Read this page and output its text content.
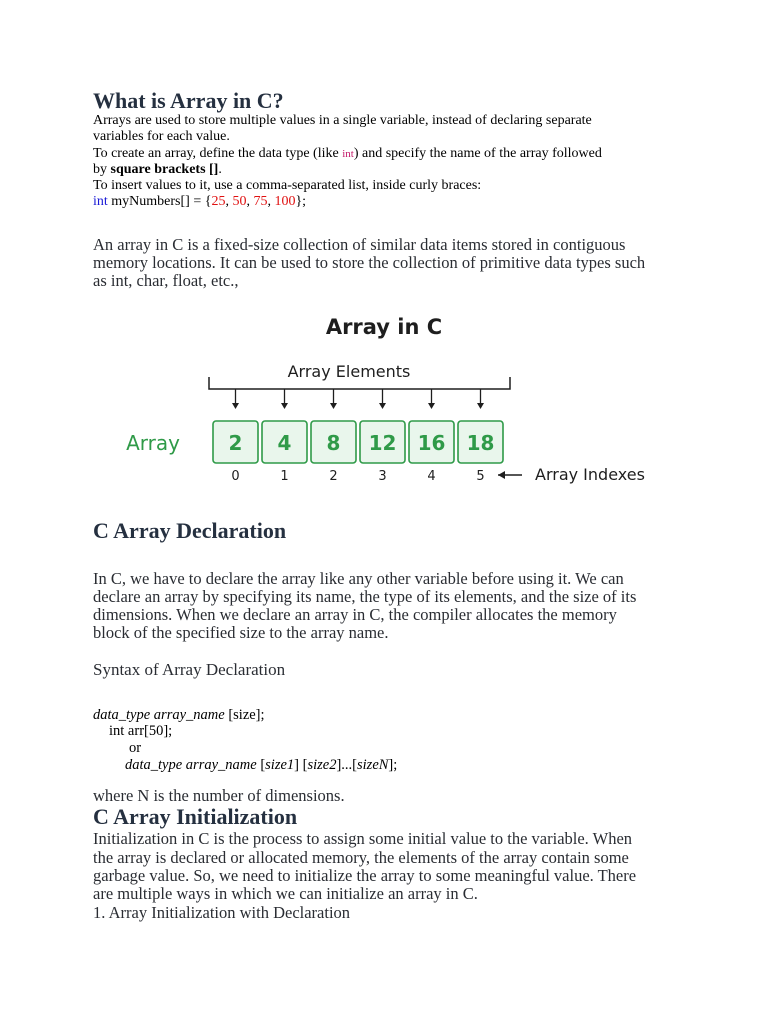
What is Array in C?
Arrays are used to store multiple values in a single variable, instead of declaring separate
variables for each value.
To create an array, define the data type (like int) and specify the name of the array followed
by square brackets [].
To insert values to it, use a comma-separated list, inside curly braces:
int myNumbers[] = {25, 50, 75, 100};
An array in C is a fixed-size collection of similar data items stored in contiguous
memory locations. It can be used to store the collection of primitive data types such
as int, char, float, etc.,
C Array Declaration
In C, we have to declare the array like any other variable before using it. We can
declare an array by specifying its name, the type of its elements, and the size of its
dimensions. When we declare an array in C, the compiler allocates the memory
block of the specified size to the array name.
Syntax of Array Declaration
data_type array_name [size];
int arr[50];
or
data_type array_name [size1] [size2]...[sizeN];
where N is the number of dimensions.
C Array Initialization
Initialization in C is the process to assign some initial value to the variable. When
the array is declared or allocated memory, the elements of the array contain some
garbage value. So, we need to initialize the array to some meaningful value. There
are multiple ways in which we can initialize an array in C.
1. Array Initialization with Declaration
Array in C
Array Elements
Array 2 4 8 12 16 18
0	1	2	3	4	5	Array Indexes
